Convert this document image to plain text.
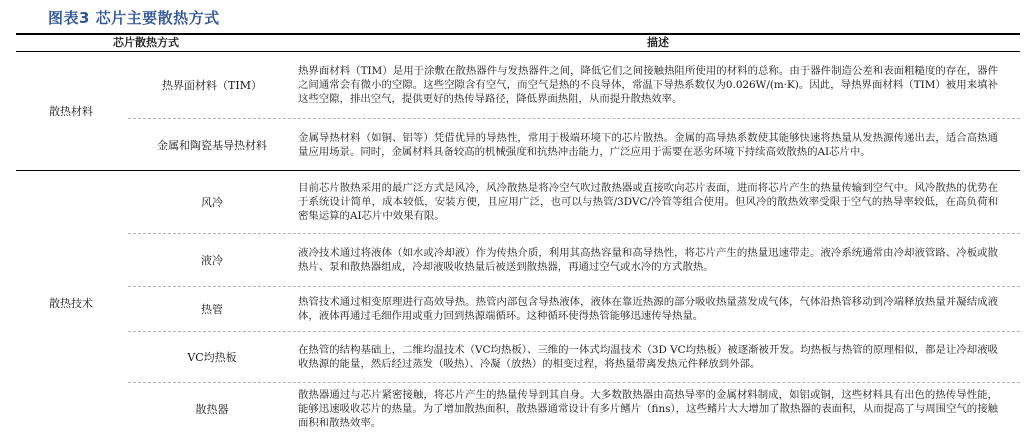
图表3 芯片主要散热方式
芯片散热方式	描述
散热材料
热界面材料（TIM）
热界面材料（TIM）是用于涂敷在散热器件与发热器件之间，降低它们之间接触热阻所使用的材料的总称。由于器件制造公差和表面粗糙度的存在，器件之间通常会有微小的空隙。这些空隙含有空气，而空气是热的不良导体，常温下导热系数仅为0.026W/(m·K)。因此，导热界面材料（TIM）被用来填补这些空隙，排出空气，提供更好的热传导路径，降低界面热阻，从而提升散热效率。
金属和陶瓷基导热材料
金属导热材料（如铜、铝等）凭借优异的导热性，常用于极端环境下的芯片散热。金属的高导热系数使其能够快速将热量从发热源传递出去，适合高热通量应用场景。同时，金属材料具备较高的机械强度和抗热冲击能力，广泛应用于需要在恶劣环境下持续高效散热的AI芯片中。
散热技术
风冷
目前芯片散热采用的最广泛方式是风冷，风冷散热是将冷空气吹过散热器或直接吹向芯片表面，进而将芯片产生的热量传输到空气中。风冷散热的优势在于系统设计简单，成本较低，安装方便，且应用广泛，也可以与热管/3DVC/冷管等组合使用。但风冷的散热效率受限于空气的热导率较低，在高负荷和密集运算的AI芯片中效果有限。
液冷
液冷技术通过将液体（如水或冷却液）作为传热介质，利用其高热容量和高导热性，将芯片产生的热量迅速带走。液冷系统通常由冷却液管路、冷板或散热片、泵和散热器组成，冷却液吸收热量后被送到散热器，再通过空气或水冷的方式散热。
热管
热管技术通过相变原理进行高效导热。热管内部包含导热液体，液体在靠近热源的部分吸收热量蒸发成气体，气体沿热管移动到冷端释放热量并凝结成液体，液体再通过毛细作用或重力回到热源端循环。这种循环使得热管能够迅速传导热量。
VC均热板
在热管的结构基础上，二维均温技术（VC均热板）、三维的一体式均温技术（3D VC均热板）被逐渐被开发。均热板与热管的原理相似，都是让冷却液吸收热源的能量，然后经过蒸发（吸热）、冷凝（放热）的相变过程，将热量带离发热元件释放到外部。
散热器
散热器通过与芯片紧密接触，将芯片产生的热量传导到其自身。大多数散热器由高热导率的金属材料制成，如铝或铜，这些材料具有出色的热传导性能，能够迅速吸收芯片的热量。为了增加散热面积，散热器通常设计有多片鳍片（fins），这些鳍片大大增加了散热器的表面积，从而提高了与周围空气的接触面积和散热效率。
